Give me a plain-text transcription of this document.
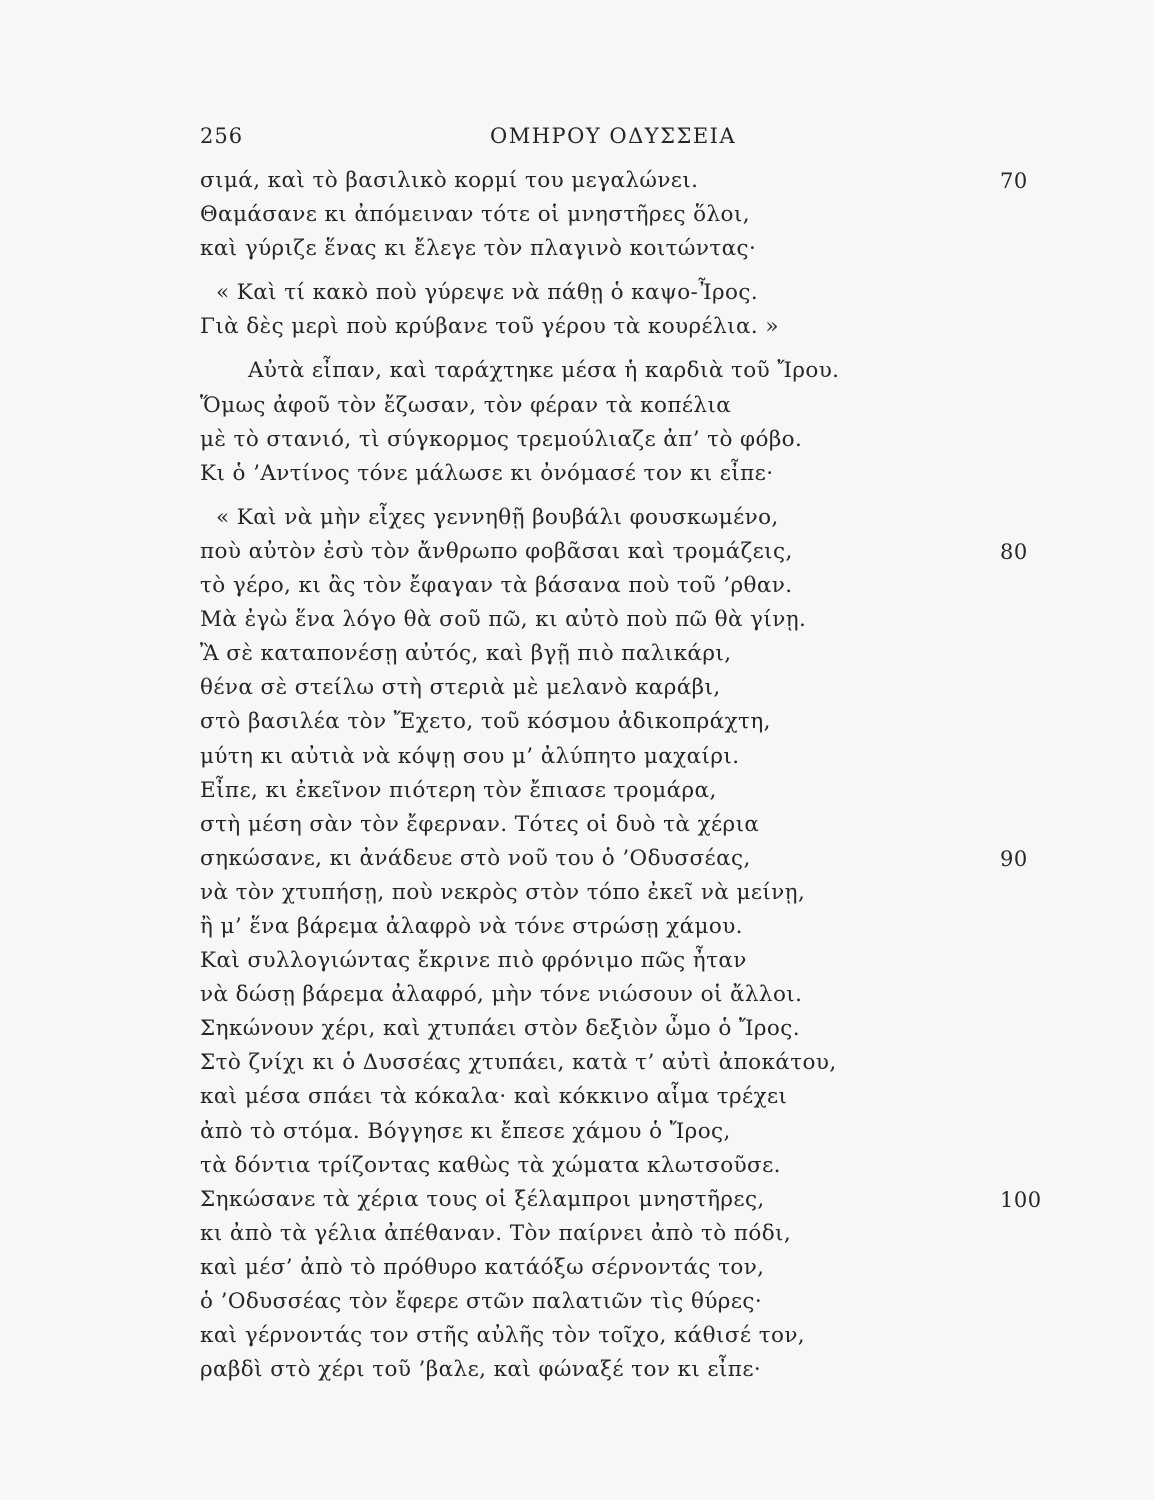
256	ΟΜΗΡΟΥ ΟΔΥΣΣΕΙΑ
σιμά, καὶ τὸ βασιλικὸ κορμί του μεγαλώνει.	70
Θαμάσανε κι ἀπόμειναν τότε οἱ μνηστῆρες ὅλοι,
καὶ γύριζε ἕνας κι ἔλεγε τὸν πλαγινὸ κοιτώντας·
« Καὶ τί κακὸ ποὺ γύρεψε νὰ πάθῃ ὁ καψο-Ἶρος.
Γιὰ δὲς μερὶ ποὺ κρύβανε τοῦ γέρου τὰ κουρέλια. »
Αὐτὰ εἶπαν, καὶ ταράχτηκε μέσα ἡ καρδιὰ τοῦ Ἴρου.
Ὅμως ἀφοῦ τὸν ἔζωσαν, τὸν φέραν τὰ κοπέλια
μὲ τὸ στανιό, τὶ σύγκορμος τρεμούλιαζε ἀπ’ τὸ φόβο.
Κι ὁ ’Αντίνος τόνε μάλωσε κι ὀνόμασέ τον κι εἶπε·
« Καὶ νὰ μὴν εἶχες γεννηθῇ βουβάλι φουσκωμένο,
ποὺ αὐτὸν ἐσὺ τὸν ἄνθρωπο φοβᾶσαι καὶ τρομάζεις,	80
τὸ γέρο, κι ἂς τὸν ἔφαγαν τὰ βάσανα ποὺ τοῦ ’ρθαν.
Μὰ ἐγὼ ἕνα λόγο θὰ σοῦ πῶ, κι αὐτὸ ποὺ πῶ θὰ γίνῃ.
Ἂ σὲ καταπονέσῃ αὐτός, καὶ βγῇ πιὸ παλικάρι,
θένα σὲ στείλω στὴ στεριὰ μὲ μελανὸ καράβι,
στὸ βασιλέα τὸν Ἔχετο, τοῦ κόσμου ἀδικοπράχτη,
μύτη κι αὐτιὰ νὰ κόψῃ σου μ’ ἀλύπητο μαχαίρι.
Εἶπε, κι ἐκεῖνον πιότερη τὸν ἔπιασε τρομάρα,
στὴ μέση σὰν τὸν ἔφερναν. Τότες οἱ δυὸ τὰ χέρια
σηκώσανε, κι ἀνάδευε στὸ νοῦ του ὁ ’Οδυσσέας,	90
νὰ τὸν χτυπήσῃ, ποὺ νεκρὸς στὸν τόπο ἐκεῖ νὰ μείνῃ,
ἢ μ’ ἕνα βάρεμα ἀλαφρὸ νὰ τόνε στρώσῃ χάμου.
Καὶ συλλογιώντας ἔκρινε πιὸ φρόνιμο πῶς ἦταν
νὰ δώσῃ βάρεμα ἀλαφρό, μὴν τόνε νιώσουν οἱ ἄλλοι.
Σηκώνουν χέρι, καὶ χτυπάει στὸν δεξιὸν ὦμο ὁ Ἴρος.
Στὸ ζνίχι κι ὁ Δυσσέας χτυπάει, κατὰ τ’ αὐτὶ ἀποκάτου,
καὶ μέσα σπάει τὰ κόκαλα· καὶ κόκκινο αἷμα τρέχει
ἀπὸ τὸ στόμα. Βόγγησε κι ἔπεσε χάμου ὁ Ἴρος,
τὰ δόντια τρίζοντας καθὼς τὰ χώματα κλωτσοῦσε.
Σηκώσανε τὰ χέρια τους οἱ ξέλαμπροι μνηστῆρες,	100
κι ἀπὸ τὰ γέλια ἀπέθαναν. Τὸν παίρνει ἀπὸ τὸ πόδι,
καὶ μέσ’ ἀπὸ τὸ πρόθυρο κατάόξω σέρνοντάς τον,
ὁ ’Οδυσσέας τὸν ἔφερε στῶν παλατιῶν τὶς θύρες·
καὶ γέρνοντάς τον στῆς αὐλῆς τὸν τοῖχο, κάθισέ τον,
ραβδὶ στὸ χέρι τοῦ ’βαλε, καὶ φώναξέ τον κι εἶπε·
